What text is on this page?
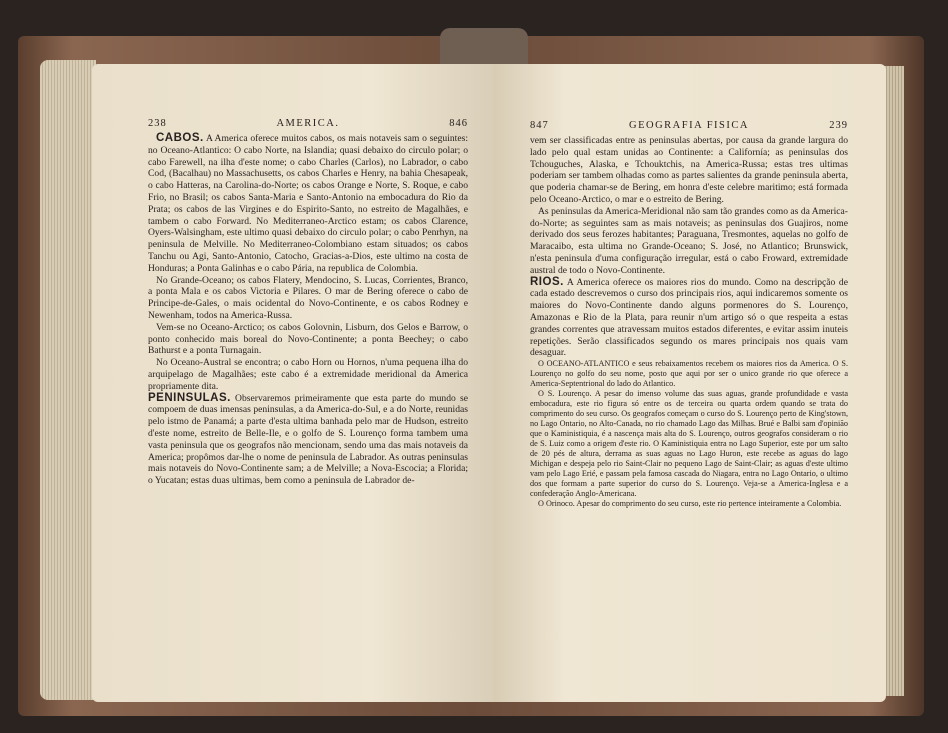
238	AMERICA.	846

CABOS. A America oferece muitos cabos, os mais notaveis sam o seguintes: no Oceano-Atlantico: O cabo Norte, na Islandia; quasi debaixo do circulo polar; o cabo Farewell, na ilha d'este nome; o cabo Charles (Carlos), no Labrador, o cabo Cod, (Bacalhau) no Massachusetts, os cabos Charles e Henry, na bahia Chesapeak, o cabo Hatteras, na Carolina-do-Norte; os cabos Orange e Norte, S. Roque, e cabo Frio, no Brasil; os cabos Santa-Maria e Santo-Antonio na embocadura do Rio da Prata; os cabos de las Virgines e do Espirito-Santo, no estreito de Magalhães, e tambem o cabo Forward. No Mediterraneo-Arctico estam; os cabos Clarence, Oyers-Walsingham, este ultimo quasi debaixo do circulo polar; o cabo Penrhyn, na peninsula de Melville. No Mediterraneo-Colombiano estam situados; os cabos Tanchu ou Agi, Santo-Antonio, Catocho, Gracias-a-Dios, este ultimo na costa de Honduras; a Ponta Galinhas e o cabo Pária, na republica de Colombia.

No Grande-Oceano; os cabos Flatery, Mendocino, S. Lucas, Corrientes, Branco, a ponta Mala e os cabos Victoria e Pilares. O mar de Bering oferece o cabo de Principe-de-Gales, o mais ocidental do Novo-Continente, e os cabos Rodney e Newenham, todos na America-Russa.

Vem-se no Oceano-Arctico; os cabos Golovnin, Lisburn, dos Gelos e Barrow, o ponto conhecido mais boreal do Novo-Continente; a ponta Beechey; o cabo Bathurst e a ponta Turnagain.

No Oceano-Austral se encontra; o cabo Horn ou Hornos, n'uma pequena ilha do arquipelago de Magalhães; este cabo é a extremidade meridional da America propriamente dita.

PENINSULAS. Observaremos primeiramente que esta parte do mundo se compoem de duas imensas peninsulas, a da America-do-Sul, e a do Norte, reunidas pelo istmo de Panamá; a parte d'esta ultima banhada pelo mar de Hudson, estreito d'este nome, estreito de Belle-Ile, e o golfo de S. Lourenço forma tambem uma vasta peninsula que os geografos não mencionam, sendo uma das mais notaveis da America; propômos dar-lhe o nome de peninsula de Labrador. As outras peninsulas mais notaveis do Novo-Continente sam; a de Melville; a Nova-Escocia; a Florida; o Yucatan; estas duas ultimas, bem como a peninsula de Labrador de-

847	GEOGRAFIA FISICA	239

vem ser classificadas entre as peninsulas abertas, por causa da grande largura do lado pelo qual estam unidas ao Continente: a Californía; as peninsulas dos Tchouguches, Alaska, e Tchouktchis, na America-Russa; estas tres ultimas poderiam ser tambem olhadas como as partes salientes da grande peninsula aberta, que poderia chamar-se de Bering, em honra d'este celebre maritimo; está formada pelo Oceano-Arctico, o mar e o estreito de Bering.

As peninsulas da America-Meridional não sam tão grandes como as da America-do-Norte; as seguintes sam as mais notaveis; as peninsulas dos Guajiros, nome derivado dos seus ferozes habitantes; Paraguana, Tresmontes, aquelas no golfo de Maracaibo, esta ultima no Grande-Oceano; S. José, no Atlantico; Brunswick, n'esta peninsula d'uma configuração irregular, está o cabo Froward, extremidade austral de todo o Novo-Continente.

RIOS. A America oferece os maiores rios do mundo. Como na descripção de cada estado descrevemos o curso dos principais rios, aqui indicaremos somente os maiores do Novo-Continente dando alguns pormenores do S. Lourenço, Amazonas e Rio de la Plata, para reunir n'um artigo só o que respeita a estas grandes correntes que atravessam muitos estados diferentes, e evitar assim inuteis repetições. Serão classificados segundo os mares principais nos quais vam desaguar.

O OCEANO-ATLANTICO e seus rebaixamentos recebem os maiores rios da America. O S. Lourenço no golfo do seu nome, posto que aqui por ser o unico grande rio que oferece a America-Septentrional do lado do Atlantico.

O S. Lourenço. A pesar do imenso volume das suas aguas, grande profundidade e vasta embocadura, este rio figura só entre os de terceira ou quarta ordem quando se trata do comprimento do seu curso. Os geografos começam o curso do S. Lourenço perto de King'stown, no Lago Ontario, no Alto-Canada, no rio chamado Lago das Milhas. Brué e Balbi sam d'opinião que o Kaministiquia, é a nascença mais alta do S. Lourenço, outros geografos consideram o rio de S. Luiz como a origem d'este rio. O Kaministiquia entra no Lago Superior, este por um salto de 20 pés de altura, derrama as suas aguas no Lago Huron, este recebe as aguas do lago Michigan e despeja pelo rio Saint-Clair no pequeno Lago de Saint-Clair; as aguas d'este ultimo vam pelo Lago Erié, e passam pela famosa cascada do Niagara, entra no Lago Ontario, o ultimo dos que formam a parte superior do curso do S. Lourenço. Veja-se a America-Inglesa e a confederação Anglo-Americana.

O Orinoco. Apesar do comprimento do seu curso, este rio pertence inteiramente a Colombia.
